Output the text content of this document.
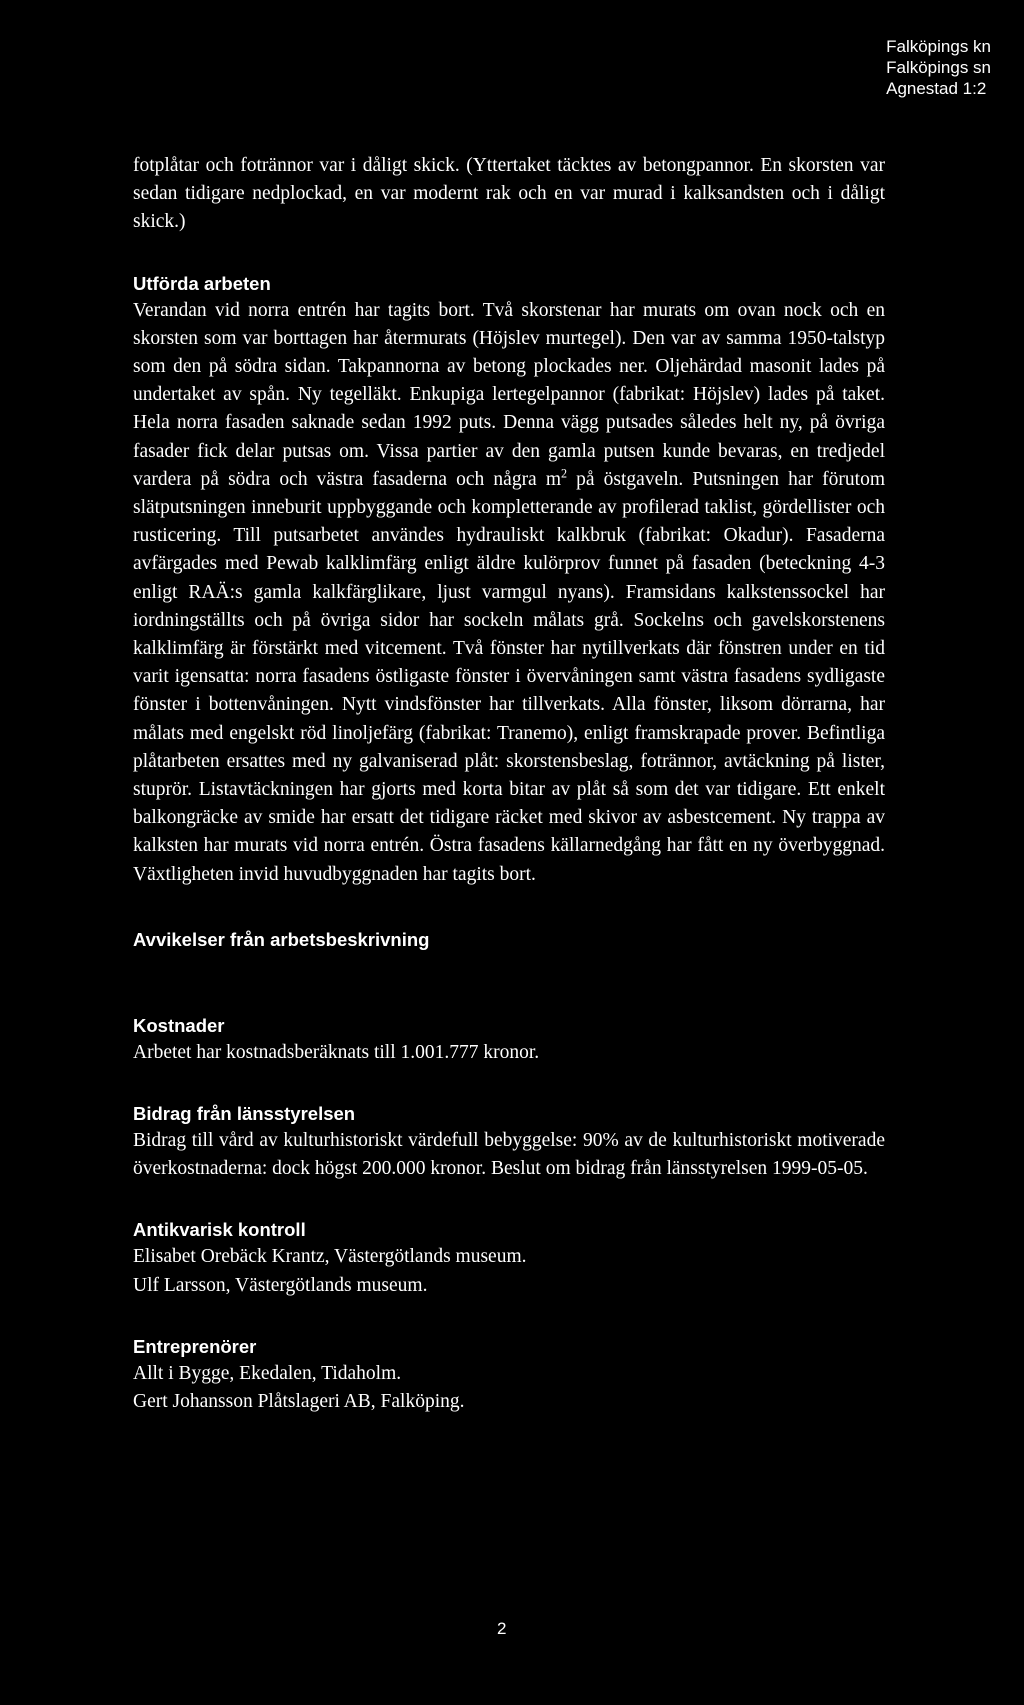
Falköpings kn
Falköpings sn
Agnestad 1:2

fotplåtar och fotrännor var i dåligt skick. (Yttertaket täcktes av betongpannor. En skorsten var sedan tidigare nedplockad, en var modernt rak och en var murad i kalksandsten och i dåligt skick.)

Utförda arbeten

Verandan vid norra entrén har tagits bort. Två skorstenar har murats om ovan nock och en skorsten som var borttagen har återmurats (Höjslev murtegel). Den var av samma 1950-talstyp som den på södra sidan. Takpannorna av betong plockades ner. Oljehärdad masonit lades på undertaket av spån. Ny tegelläkt. Enkupiga lertegelpannor (fabrikat: Höjslev) lades på taket. Hela norra fasaden saknade sedan 1992 puts. Denna vägg putsades således helt ny, på övriga fasader fick delar putsas om. Vissa partier av den gamla putsen kunde bevaras, en tredjedel vardera på södra och västra fasaderna och några $m^2$ på östgaveln. Putsningen har förutom slätputsningen inneburit uppbyggande och kompletterande av profilerad taklist, gördellister och rusticering. Till putsarbetet användes hydrauliskt kalkbruk (fabrikat: Okadur). Fasaderna avfärgades med Pewab kalklimfärg enligt äldre kulörprov funnet på fasaden (beteckning 4-3 enligt RAÄ:s gamla kalkfärglikare, ljust varmgul nyans). Framsidans kalkstenssockel har iordningställts och på övriga sidor har sockeln målats grå. Sockelns och gavelskorstenens kalklimfärg är förstärkt med vitcement. Två fönster har nytillverkats där fönstren under en tid varit igensatta: norra fasadens östligaste fönster i övervåningen samt västra fasadens sydligaste fönster i bottenvåningen. Nytt vindsfönster har tillverkats. Alla fönster, liksom dörrarna, har målats med engelskt röd linoljefärg (fabrikat: Tranemo), enligt framskrapade prover. Befintliga plåtarbeten ersattes med ny galvaniserad plåt: skorstensbeslag, fotrännor, avtäckning på lister, stuprör. Listavtäckningen har gjorts med korta bitar av plåt så som det var tidigare. Ett enkelt balkongräcke av smide har ersatt det tidigare räcket med skivor av asbestcement. Ny trappa av kalksten har murats vid norra entrén. Östra fasadens källarnedgång har fått en ny överbyggnad. Växtligheten invid huvudbyggnaden har tagits bort.

Avvikelser från arbetsbeskrivning
Kostnader

Arbetet har kostnadsberäknats till 1.001.777 kronor.

Bidrag från länsstyrelsen

Bidrag till vård av kulturhistoriskt värdefull bebyggelse: 90% av de kulturhistoriskt motiverade överkostnaderna: dock högst 200.000 kronor. Beslut om bidrag från länsstyrelsen 1999-05-05.

Antikvarisk kontroll

Elisabet Orebäck Krantz, Västergötlands museum.

Ulf Larsson, Västergötlands museum.

Entreprenörer

Allt i Bygge, Ekedalen, Tidaholm.

Gert Johansson Plåtslageri AB, Falköping.

2
